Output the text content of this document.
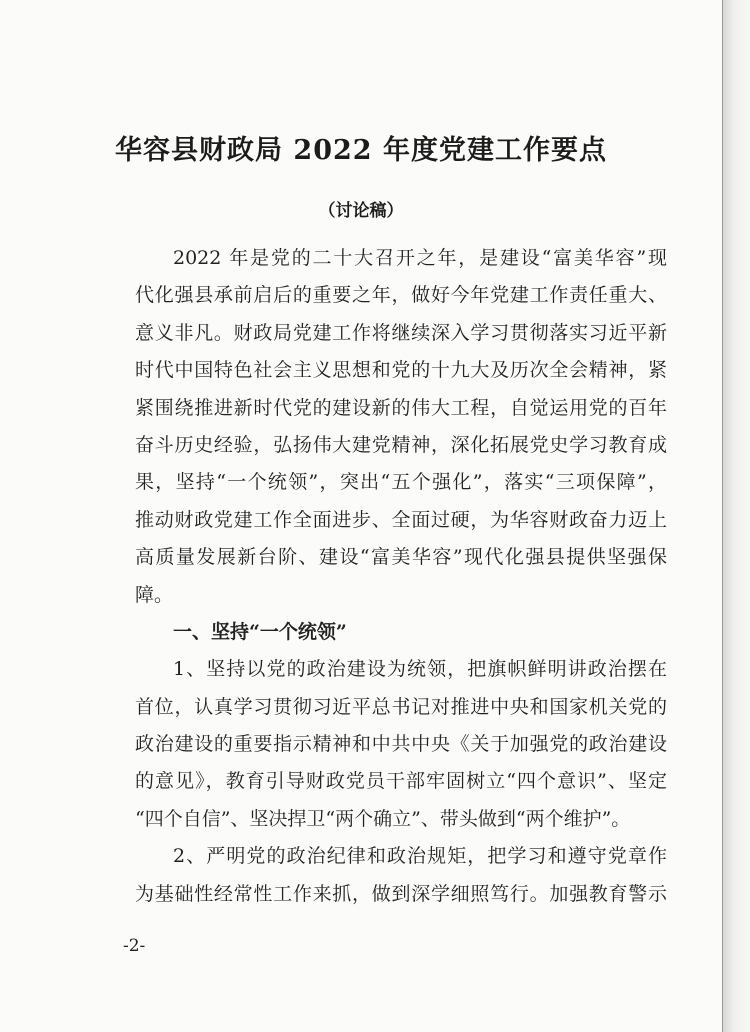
华容县财政局 2022 年度党建工作要点
（讨论稿）
2022 年是党的二十大召开之年，是建设“富美华容”现
代化强县承前启后的重要之年，做好今年党建工作责任重大、
意义非凡。财政局党建工作将继续深入学习贯彻落实习近平新
时代中国特色社会主义思想和党的十九大及历次全会精神，紧
紧围绕推进新时代党的建设新的伟大工程，自觉运用党的百年
奋斗历史经验，弘扬伟大建党精神，深化拓展党史学习教育成
果，坚持“一个统领”，突出“五个强化”，落实“三项保障”，
推动财政党建工作全面进步、全面过硬，为华容财政奋力迈上
高质量发展新台阶、建设“富美华容”现代化强县提供坚强保
障。
一、坚持“一个统领”
1、坚持以党的政治建设为统领，把旗帜鲜明讲政治摆在
首位，认真学习贯彻习近平总书记对推进中央和国家机关党的
政治建设的重要指示精神和中共中央《关于加强党的政治建设
的意见》，教育引导财政党员干部牢固树立“四个意识”、坚定
“四个自信”、坚决捍卫“两个确立”、带头做到“两个维护”。
2、严明党的政治纪律和政治规矩，把学习和遵守党章作
为基础性经常性工作来抓，做到深学细照笃行。加强教育警示
-2-
